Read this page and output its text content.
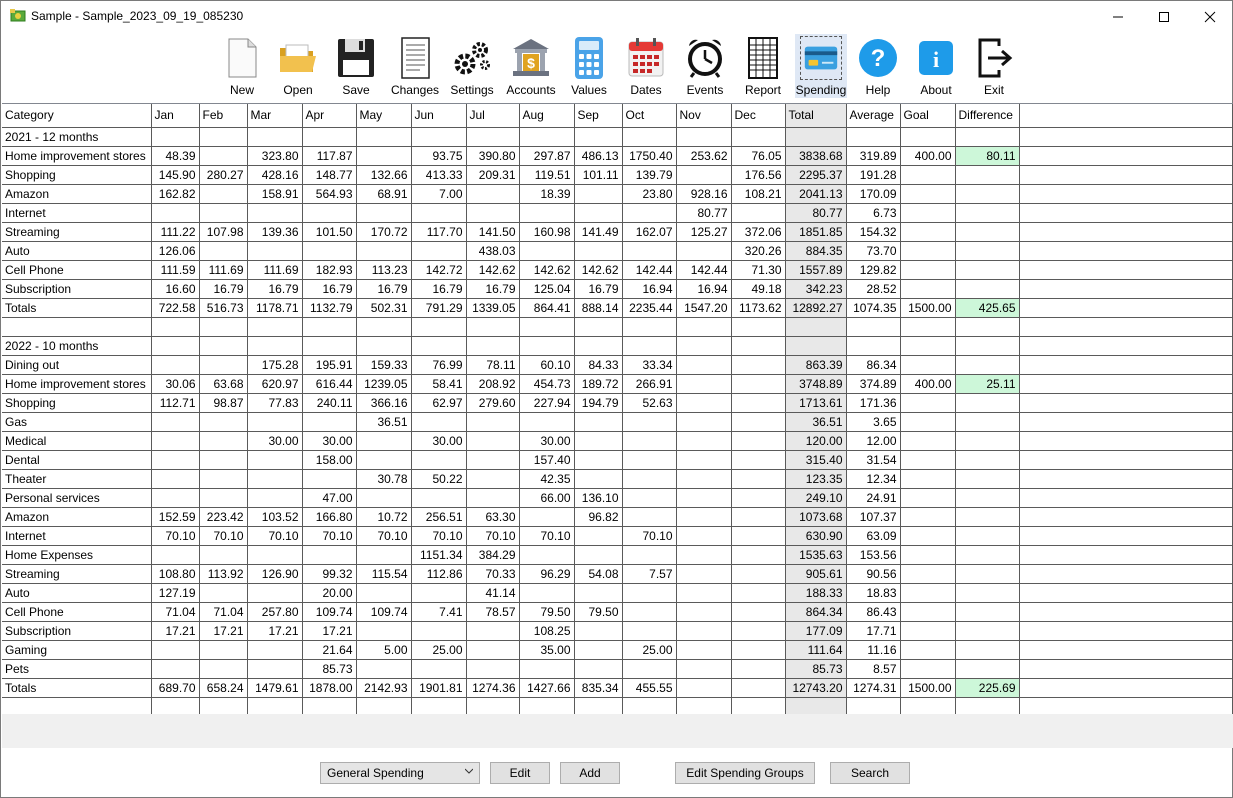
Sample - Sample_2023_09_19_085230
New	Open	Save	Changes Settings
$
Accounts	Values	Dates	Events	Report	Spending
?
Help
i
About	Exit
Category	Jan	Feb	Mar	Apr	May	Jun	Jul	Aug	Sep	Oct	Nov	Dec	Total	Average	Goal	Difference	
2021 - 12 months																	
Home improvement stores	48.39		323.80	117.87		93.75	390.80	297.87	486.13	1750.40	253.62	76.05	3838.68	319.89	400.00	80.11	
Shopping	145.90	280.27	428.16	148.77	132.66	413.33	209.31	119.51	101.11	139.79		176.56	2295.37	191.28			
Amazon	162.82		158.91	564.93	68.91	7.00		18.39		23.80	928.16	108.21	2041.13	170.09			
Internet											80.77		80.77	6.73			
Streaming	111.22	107.98	139.36	101.50	170.72	117.70	141.50	160.98	141.49	162.07	125.27	372.06	1851.85	154.32			
Auto	126.06						438.03					320.26	884.35	73.70			
Cell Phone	111.59	111.69	111.69	182.93	113.23	142.72	142.62	142.62	142.62	142.44	142.44	71.30	1557.89	129.82			
Subscription	16.60	16.79	16.79	16.79	16.79	16.79	16.79	125.04	16.79	16.94	16.94	49.18	342.23	28.52			
Totals	722.58	516.73	1178.71	1132.79	502.31	791.29	1339.05	864.41	888.14	2235.44	1547.20	1173.62	12892.27	1074.35	1500.00	425.65	

2022 - 10 months																	
Dining out			175.28	195.91	159.33	76.99	78.11	60.10	84.33	33.34			863.39	86.34			
Home improvement stores	30.06	63.68	620.97	616.44	1239.05	58.41	208.92	454.73	189.72	266.91			3748.89	374.89	400.00	25.11	
Shopping	112.71	98.87	77.83	240.11	366.16	62.97	279.60	227.94	194.79	52.63			1713.61	171.36			
Gas					36.51								36.51	3.65			
Medical			30.00	30.00		30.00		30.00					120.00	12.00			
Dental				158.00				157.40					315.40	31.54			
Theater					30.78	50.22		42.35					123.35	12.34			
Personal services				47.00				66.00	136.10				249.10	24.91			
Amazon	152.59	223.42	103.52	166.80	10.72	256.51	63.30		96.82				1073.68	107.37			
Internet	70.10	70.10	70.10	70.10	70.10	70.10	70.10	70.10		70.10			630.90	63.09			
Home Expenses						1151.34	384.29						1535.63	153.56			
Streaming	108.80	113.92	126.90	99.32	115.54	112.86	70.33	96.29	54.08	7.57			905.61	90.56			
Auto	127.19			20.00			41.14						188.33	18.83			
Cell Phone	71.04	71.04	257.80	109.74	109.74	7.41	78.57	79.50	79.50				864.34	86.43			
Subscription	17.21	17.21	17.21	17.21				108.25					177.09	17.71			
Gaming				21.64	5.00	25.00		35.00		25.00			111.64	11.16			
Pets				85.73									85.73	8.57			
Totals	689.70	658.24	1479.61	1878.00	2142.93	1901.81	1274.36	1427.66	835.34	455.55			12743.20	1274.31	1500.00	225.69	

General Spending	Edit	Add	Edit Spending Groups	Search
